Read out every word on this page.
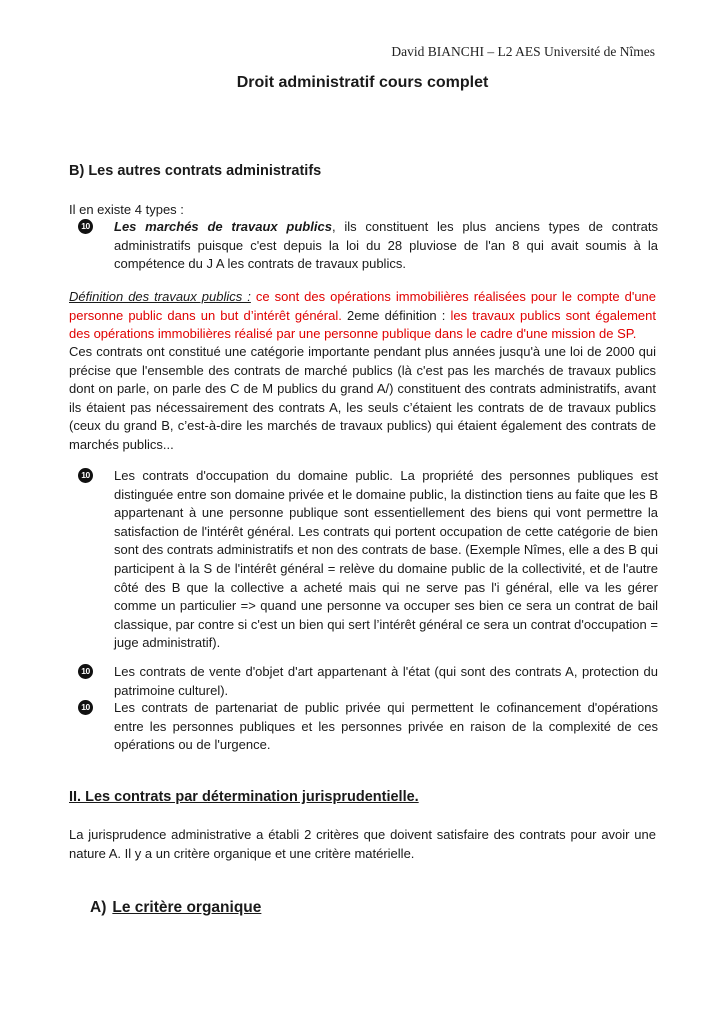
David BIANCHI – L2 AES Université de Nîmes
Droit administratif cours complet
B) Les autres contrats administratifs
Il en existe 4 types :
10 Les marchés de travaux publics, ils constituent les plus anciens types de contrats administratifs puisque c'est depuis la loi du 28 pluviose de l'an 8 qui avait soumis à la compétence du J A les contrats de travaux publics.
Définition des travaux publics : ce sont des opérations immobilières réalisées pour le compte d'une personne public dans un but d’intérêt général. 2eme définition : les travaux publics sont également des opérations immobilières réalisé par une personne publique dans le cadre d'une mission de SP.
Ces contrats ont constitué une catégorie importante pendant plus années jusqu'à une loi de 2000 qui précise que l'ensemble des contrats de marché publics (là c'est pas les marchés de travaux publics dont on parle, on parle des C de M publics du grand A/) constituent des contrats administratifs, avant ils étaient pas nécessairement des contrats A, les seuls c’étaient les contrats de de travaux publics (ceux du grand B, c’est-à-dire les marchés de travaux publics) qui étaient également des contrats de marchés publics...
10 Les contrats d'occupation du domaine public. La propriété des personnes publiques est distinguée entre son domaine privée et le domaine public, la distinction tiens au faite que les B appartenant à une personne publique sont essentiellement des biens qui vont permettre la satisfaction de l'intérêt général. Les contrats qui portent occupation de cette catégorie de bien sont des contrats administratifs et non des contrats de base. (Exemple Nîmes, elle a des B qui participent à la S de l'intérêt général = relève du domaine public de la collectivité, et de l'autre côté des B que la collective a acheté mais qui ne serve pas l'i général, elle va les gérer comme un particulier => quand une personne va occuper ses bien ce sera un contrat de bail classique, par contre si c'est un bien qui sert l’intérêt général ce sera un contrat d'occupation = juge administratif).
10 Les contrats de vente d'objet d'art appartenant à l'état (qui sont des contrats A, protection du patrimoine culturel).
10 Les contrats de partenariat de public privée qui permettent le cofinancement d'opérations entre les personnes publiques et les personnes privée en raison de la complexité de ces opérations ou de l'urgence.
II. Les contrats par détermination jurisprudentielle.
La jurisprudence administrative a établi 2 critères que doivent satisfaire des contrats pour avoir une nature A. Il y a un critère organique et une critère matérielle.
A) Le critère organique
